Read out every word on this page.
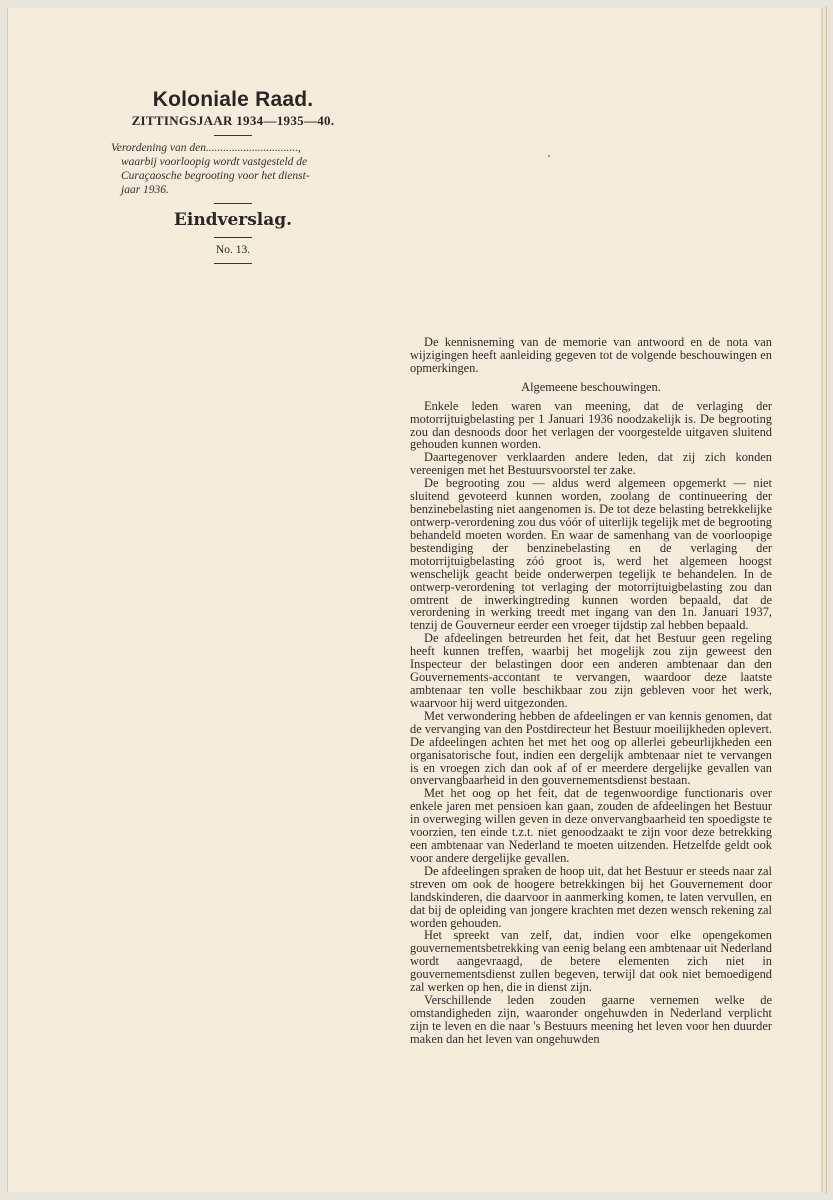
Koloniale Raad.
ZITTINGSJAAR 1934—1935—40.
Verordening van den................................,
waarbij voorloopig wordt vastgesteld de
Curaçaosche begrooting voor het dienst-
jaar 1936.
Eindverslag.
No. 13.

De kennisneming van de memorie van antwoord en de nota van wijzigingen heeft aanleiding gegeven tot de volgende beschouwingen en opmerkingen.

Algemeene beschouwingen.

Enkele leden waren van meening, dat de verlaging der motorrijtuigbelasting per 1 Januari 1936 noodzakelijk is. De begrooting zou dan desnoods door het verlagen der voorgestelde uitgaven sluitend gehouden kunnen worden.

Daartegenover verklaarden andere leden, dat zij zich konden vereenigen met het Bestuursvoorstel ter zake.

De begrooting zou — aldus werd algemeen opgemerkt — niet sluitend gevoteerd kunnen worden, zoolang de continueering der benzinebelasting niet aangenomen is. De tot deze belasting betrekkelijke ontwerp-verordening zou dus vóór of uiterlijk tegelijk met de begrooting behandeld moeten worden. En waar de samenhang van de voorloopige bestendiging der benzinebelasting en de verlaging der motorrijtuigbelasting zóó groot is, werd het algemeen hoogst wenschelijk geacht beide onderwerpen tegelijk te behandelen. In de ontwerp-verordening tot verlaging der motorrijtuigbelasting zou dan omtrent de inwerkingtreding kunnen worden bepaald, dat de verordening in werking treedt met ingang van den 1n. Januari 1937, tenzij de Gouverneur eerder een vroeger tijdstip zal hebben bepaald.

De afdeelingen betreurden het feit, dat het Bestuur geen regeling heeft kunnen treffen, waarbij het mogelijk zou zijn geweest den Inspecteur der belastingen door een anderen ambtenaar dan den Gouvernements-accontant te vervangen, waardoor deze laatste ambtenaar ten volle beschikbaar zou zijn gebleven voor het werk, waarvoor hij werd uitgezonden.

Met verwondering hebben de afdeelingen er van kennis genomen, dat de vervanging van den Postdirecteur het Bestuur moeilijkheden oplevert. De afdeelingen achten het met het oog op allerlei gebeurlijkheden een organisatorische fout, indien een dergelijk ambtenaar niet te vervangen is en vroegen zich dan ook af of er meerdere dergelijke gevallen van onvervangbaarheid in den gouvernementsdienst bestaan.

Met het oog op het feit, dat de tegenwoordige functionaris over enkele jaren met pensioen kan gaan, zouden de afdeelingen het Bestuur in overweging willen geven in deze onvervangbaarheid ten spoedigste te voorzien, ten einde t.z.t. niet genoodzaakt te zijn voor deze betrekking een ambtenaar van Nederland te moeten uitzenden. Hetzelfde geldt ook voor andere dergelijke gevallen.

De afdeelingen spraken de hoop uit, dat het Bestuur er steeds naar zal streven om ook de hoogere betrekkingen bij het Gouvernement door landskinderen, die daarvoor in aanmerking komen, te laten vervullen, en dat bij de opleiding van jongere krachten met dezen wensch rekening zal worden gehouden.

Het spreekt van zelf, dat, indien voor elke opengekomen gouvernementsbetrekking van eenig belang een ambtenaar uit Nederland wordt aangevraagd, de betere elementen zich niet in gouvernementsdienst zullen begeven, terwijl dat ook niet bemoedigend zal werken op hen, die in dienst zijn.

Verschillende leden zouden gaarne vernemen welke de omstandigheden zijn, waaronder ongehuwden in Nederland verplicht zijn te leven en die naar 's Bestuurs meening het leven voor hen duurder maken dan het leven van ongehuwden
